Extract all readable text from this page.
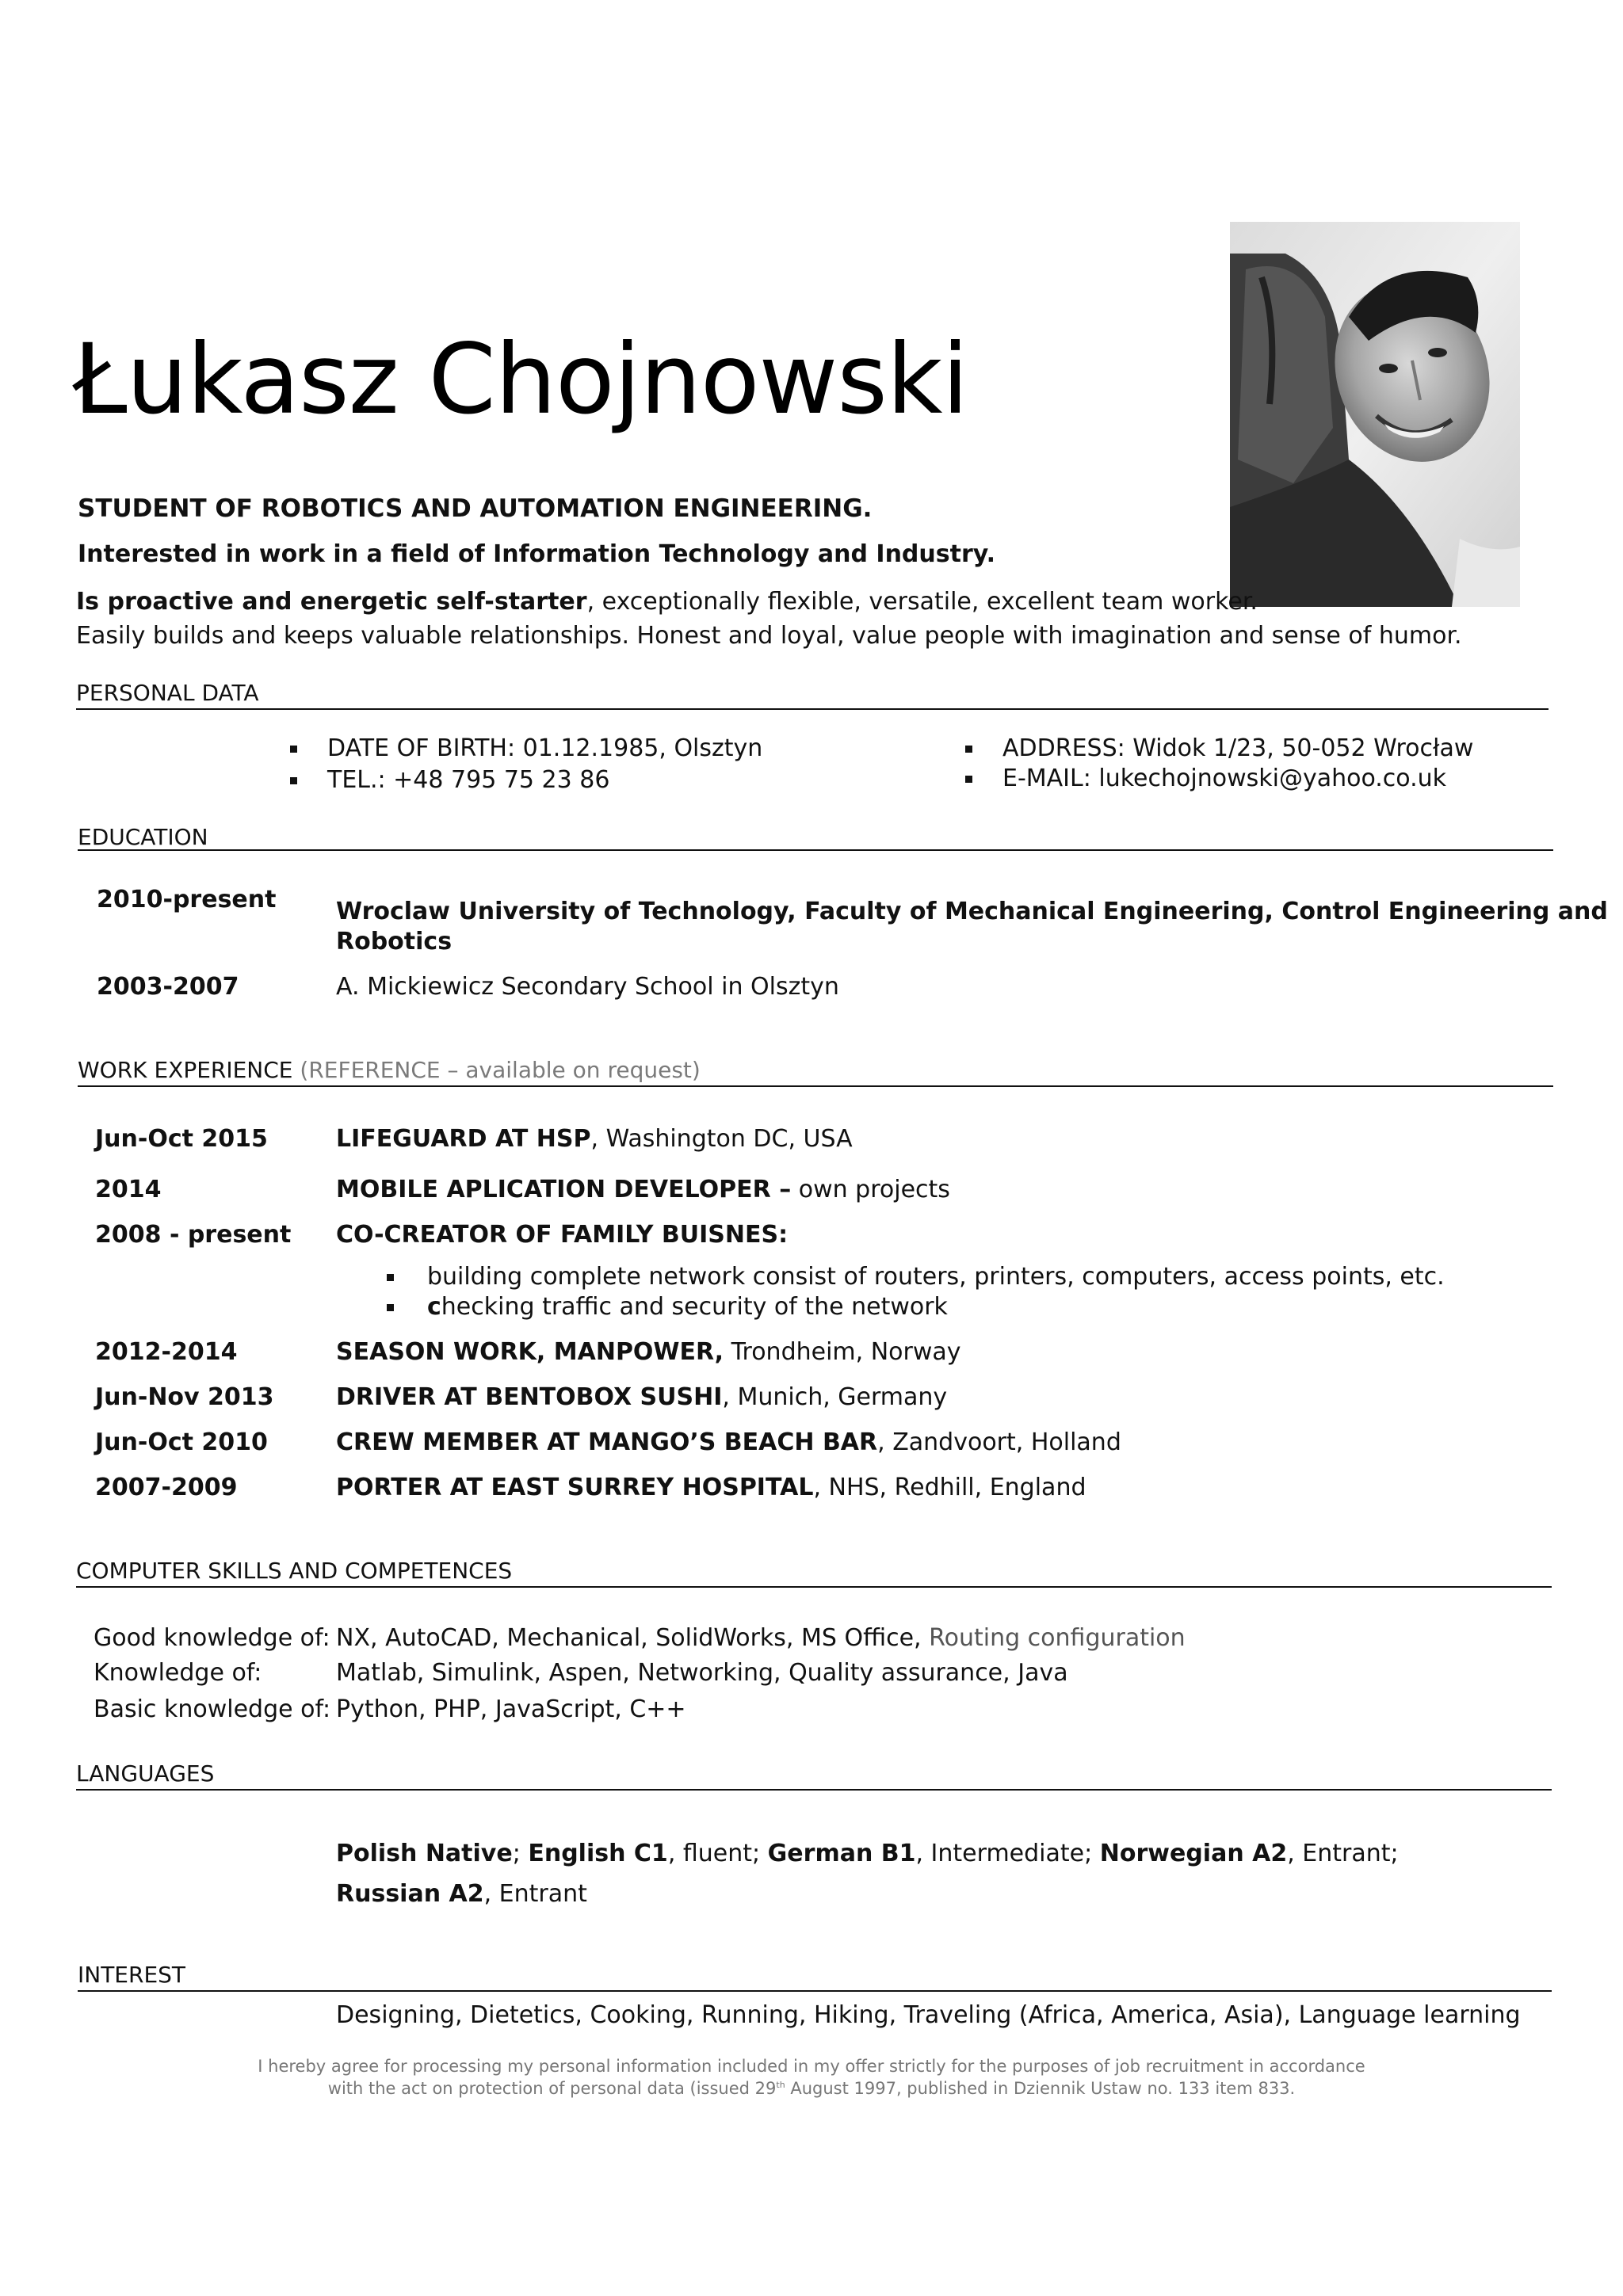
Łukasz Chojnowski
STUDENT OF ROBOTICS AND AUTOMATION ENGINEERING.
Interested in work in a field of Information Technology and Industry.
Is proactive and energetic self-starter, exceptionally flexible, versatile, excellent team worker.
Easily builds and keeps valuable relationships. Honest and loyal, value people with imagination and sense of humor.
PERSONAL DATA
DATE OF BIRTH: 01.12.1985, Olsztyn
TEL.: +48 795 75 23 86
ADDRESS: Widok 1/23, 50-052 Wrocław
E-MAIL: lukechojnowski@yahoo.co.uk
EDUCATION
2010-present	Wroclaw University of Technology, Faculty of Mechanical Engineering, Control Engineering and
Robotics
2003-2007	A. Mickiewicz Secondary School in Olsztyn
WORK EXPERIENCE (REFERENCE – available on request)
Jun-Oct 2015	LIFEGUARD AT HSP, Washington DC, USA
2014	MOBILE APLICATION DEVELOPER – own projects
2008 - present CO-CREATOR OF FAMILY BUISNES:
building complete network consist of routers, printers, computers, access points, etc.
checking traffic and security of the network
2012-2014	SEASON WORK, MANPOWER, Trondheim, Norway
Jun-Nov 2013	DRIVER AT BENTOBOX SUSHI, Munich, Germany
Jun-Oct 2010	CREW MEMBER AT MANGO’S BEACH BAR, Zandvoort, Holland
2007-2009	PORTER AT EAST SURREY HOSPITAL, NHS, Redhill, England
COMPUTER SKILLS AND COMPETENCES
Good knowledge of: NX, AutoCAD, Mechanical, SolidWorks, MS Office, Routing configuration
Knowledge of:	Matlab, Simulink, Aspen, Networking, Quality assurance, Java
Basic knowledge of: Python, PHP, JavaScript, C++
LANGUAGES
Polish Native; English C1, fluent; German B1, Intermediate; Norwegian A2, Entrant;
Russian A2, Entrant
INTEREST
Designing, Dietetics, Cooking, Running, Hiking, Traveling (Africa, America, Asia), Language learning
I hereby agree for processing my personal information included in my offer strictly for the purposes of job recruitment in accordance
with the act on protection of personal data (issued 29th August 1997, published in Dziennik Ustaw no. 133 item 833.
